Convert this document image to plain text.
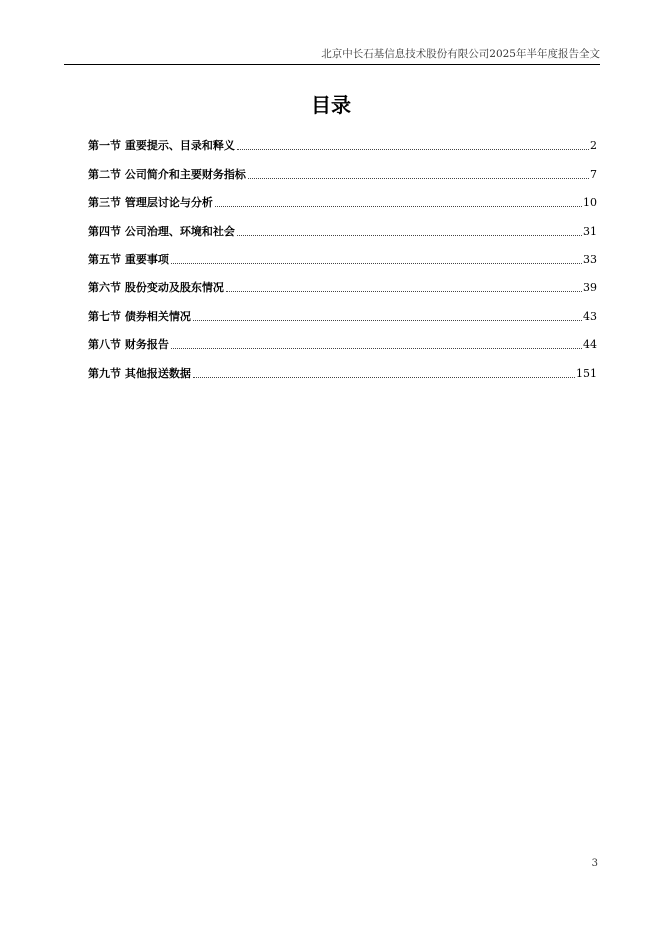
北京中长石基信息技术股份有限公司2025年半年度报告全文
目录
第一节 重要提示、目录和释义	2
第二节 公司简介和主要财务指标	7
第三节 管理层讨论与分析	10
第四节 公司治理、环境和社会	31
第五节 重要事项	33
第六节 股份变动及股东情况	39
第七节 债券相关情况	43
第八节 财务报告	44
第九节 其他报送数据	151
3
